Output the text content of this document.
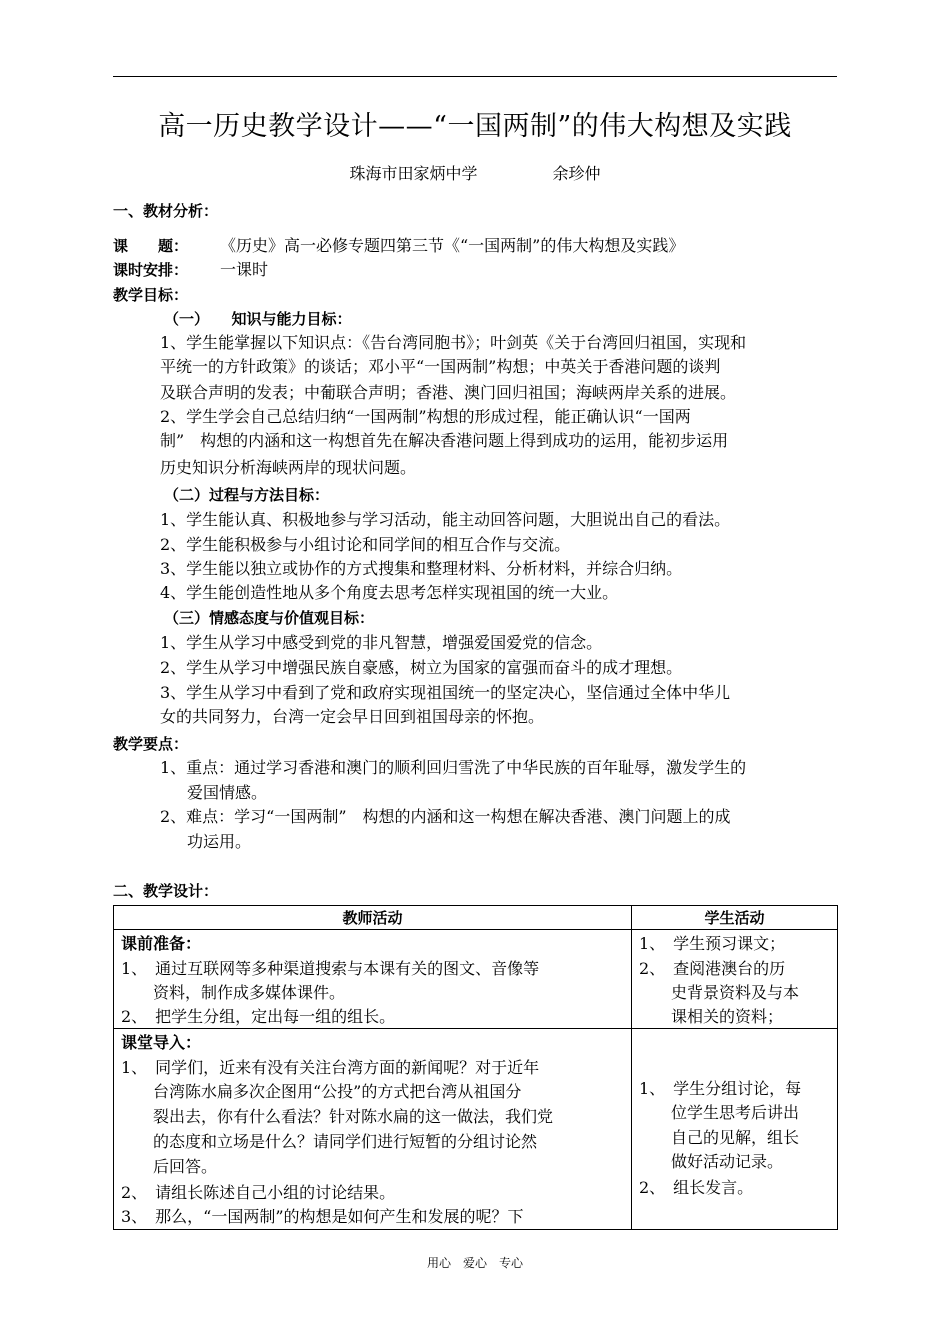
高一历史教学设计——“一国两制”的伟大构想及实践
珠海市田家炳中学	余珍仲
一、教材分析：
课　　题： 《历史》高一必修专题四第三节《“一国两制”的伟大构想及实践》
课时安排： 一课时
教学目标：
（一）　　知识与能力目标：
1、学生能掌握以下知识点：《告台湾同胞书》；叶剑英《关于台湾回归祖国，实现和
平统一的方针政策》的谈话；邓小平“一国两制”构想；中英关于香港问题的谈判
及联合声明的发表；中葡联合声明；香港、澳门回归祖国；海峡两岸关系的进展。
2、学生学会自己总结归纳“一国两制”构想的形成过程，能正确认识“一国两
制”　构想的内涵和这一构想首先在解决香港问题上得到成功的运用，能初步运用
历史知识分析海峡两岸的现状问题。
（二）过程与方法目标：
1、学生能认真、积极地参与学习活动，能主动回答问题，大胆说出自己的看法。
2、学生能积极参与小组讨论和同学间的相互合作与交流。
3、学生能以独立或协作的方式搜集和整理材料、分析材料，并综合归纳。
4、学生能创造性地从多个角度去思考怎样实现祖国的统一大业。
（三）情感态度与价值观目标：
1、学生从学习中感受到党的非凡智慧，增强爱国爱党的信念。
2、学生从学习中增强民族自豪感，树立为国家的富强而奋斗的成才理想。
3、学生从学习中看到了党和政府实现祖国统一的坚定决心，坚信通过全体中华儿
女的共同努力，台湾一定会早日回到祖国母亲的怀抱。
教学要点：
1、重点：通过学习香港和澳门的顺利回归雪洗了中华民族的百年耻辱，激发学生的
爱国情感。
2、难点：学习“一国两制”　构想的内涵和这一构想在解决香港、澳门问题上的成
功运用。
二、教学设计：
教师活动	学生活动
课前准备：
1、　通过互联网等多种渠道搜索与本课有关的图文、音像等
资料，制作成多媒体课件。
2、　把学生分组，定出每一组的组长。
1、　学生预习课文；
2、　查阅港澳台的历
史背景资料及与本
课相关的资料；
课堂导入：
1、　同学们，近来有没有关注台湾方面的新闻呢？对于近年
台湾陈水扁多次企图用“公投”的方式把台湾从祖国分
裂出去，你有什么看法？针对陈水扁的这一做法，我们党
的态度和立场是什么？请同学们进行短暂的分组讨论然
后回答。
2、　请组长陈述自己小组的讨论结果。
3、　那么，“一国两制”的构想是如何产生和发展的呢？下
1、　学生分组讨论，每
位学生思考后讲出
自己的见解，组长
做好活动记录。
2、　组长发言。
用心　爱心　专心
